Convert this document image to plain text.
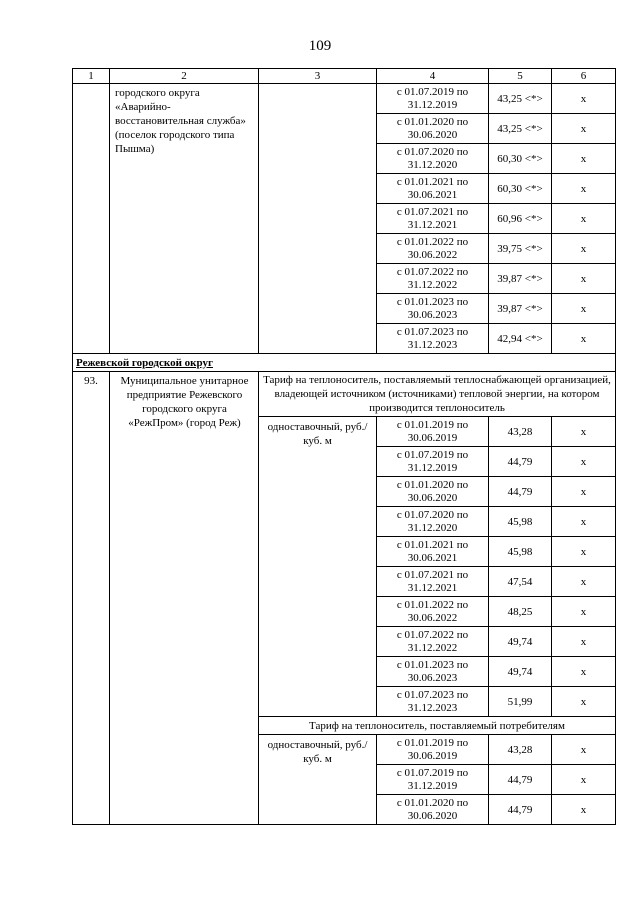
109
1	2	3	4	5	6
	городского округа «Аварийно-восстановительная служба» (поселок городского типа Пышма)		с 01.07.2019 по 31.12.2019	43,25 <*>	x
			с 01.01.2020 по 30.06.2020	43,25 <*>	x
			с 01.07.2020 по 31.12.2020	60,30 <*>	x
			с 01.01.2021 по 30.06.2021	60,30 <*>	x
			с 01.07.2021 по 31.12.2021	60,96 <*>	x
			с 01.01.2022 по 30.06.2022	39,75 <*>	x
			с 01.07.2022 по 31.12.2022	39,87 <*>	x
			с 01.01.2023 по 30.06.2023	39,87 <*>	x
			с 01.07.2023 по 31.12.2023	42,94 <*>	x
Режевской городской округ					
93.	Муниципальное унитарное предприятие Режевского городского округа «РежПром» (город Реж)	Тариф на теплоноситель, поставляемый теплоснабжающей организацией, владеющей источником (источниками) тепловой энергии, на котором производится теплоноситель			
		одноставочный, руб./куб. м	с 01.01.2019 по 30.06.2019	43,28	x
			с 01.07.2019 по 31.12.2019	44,79	x
			с 01.01.2020 по 30.06.2020	44,79	x
			с 01.07.2020 по 31.12.2020	45,98	x
			с 01.01.2021 по 30.06.2021	45,98	x
			с 01.07.2021 по 31.12.2021	47,54	x
			с 01.01.2022 по 30.06.2022	48,25	x
			с 01.07.2022 по 31.12.2022	49,74	x
			с 01.01.2023 по 30.06.2023	49,74	x
			с 01.07.2023 по 31.12.2023	51,99	x
		Тариф на теплоноситель, поставляемый потребителям			
		одноставочный, руб./куб. м	с 01.01.2019 по 30.06.2019	43,28	x
			с 01.07.2019 по 31.12.2019	44,79	x
			с 01.01.2020 по 30.06.2020	44,79	x
